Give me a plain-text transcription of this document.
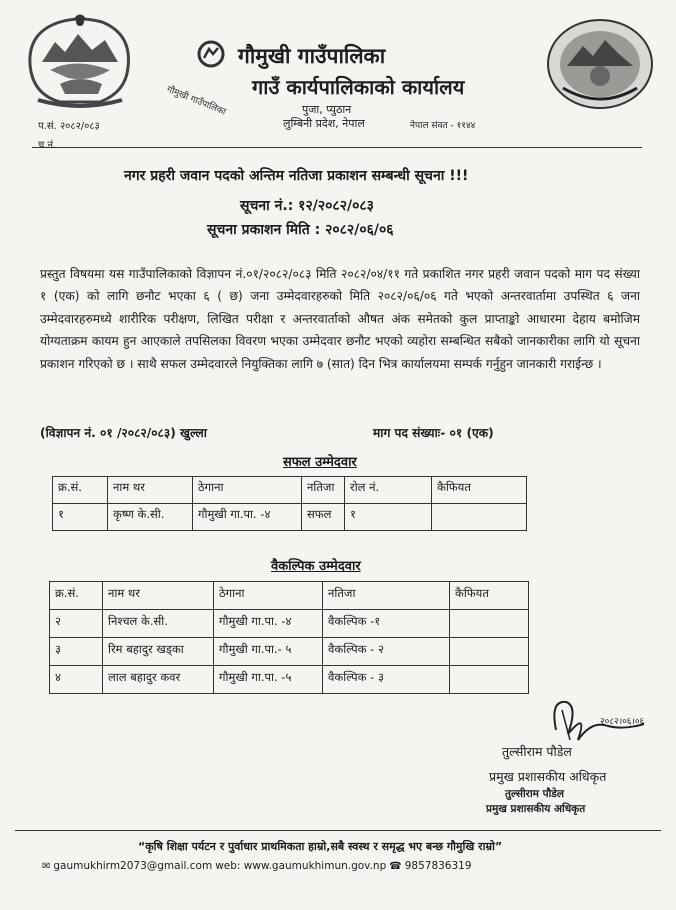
गौमुखी गाउँपालिका
गाउँ कार्यपालिकाको कार्यालय
गौमुखी गाउँपालिका	पुजा, प्युठान
लुम्बिनी प्रदेश, नेपाल	नेपाल संवत - ११४४
प.सं. २०८२/०८३
च.नं.
नगर प्रहरी जवान पदको अन्तिम नतिजा प्रकाशन सम्बन्धी सूचना !!!
सूचना नं.: १२/२०८२/०८३
सूचना प्रकाशन मिति : २०८२/०६/०६
प्रस्तुत विषयमा यस गाउँपालिकाको विज्ञापन नं.०१/२०८२/०८३ मिति २०८२/०४/११ गते प्रकाशित नगर प्रहरी जवान पदको माग पद संख्या १ (एक) को लागि छनौट भएका ६ ( छ) जना उम्मेदवारहरुको मिति २०८२/०६/०६ गते भएको अन्तरवार्तामा उपस्थित ६ जना उम्मेदवारहरुमध्ये शारीरिक परीक्षण, लिखित परीक्षा र अन्तरवार्ताको औषत अंक समेतको कुल प्राप्ताङ्को आधारमा देहाय बमोजिम योग्यताक्रम कायम हुन आएकाले तपसिलका विवरण भएका उम्मेदवार छनौट भएको व्यहोरा सम्बन्धित सबैको जानकारीका लागि यो सूचना प्रकाशन गरिएको छ । साथै सफल उम्मेदवारले नियुक्तिका लागि ७ (सात) दिन भित्र कार्यालयमा सम्पर्क गर्नुहुन जानकारी गराईन्छ ।
(विज्ञापन नं. ०१ /२०८२/०८३) खुल्ला	माग पद संख्याः- ०१ (एक)
सफल उम्मेदवार
क्र.सं.	नाम थर	ठेगाना	नतिजा	रोल नं.	कैफियत
१	कृष्ण के.सी.	गौमुखी गा.पा. -४	सफल	१	
वैकल्पिक उम्मेदवार
क्र.सं.	नाम थर	ठेगाना	नतिजा	कैफियत
२	निश्चल के.सी.	गौमुखी गा.पा. -४	वैकल्पिक -१	
३	रिम बहादुर खड्का	गौमुखी गा.पा.- ५	वैकल्पिक - २	
४	लाल बहादुर कवर	गौमुखी गा.पा. -५	वैकल्पिक - ३	
२०८२।०६।०६
तुल्सीराम पौडेल
प्रमुख प्रशासकीय अधिकृत
तुल्सीराम पौडेल
प्रमुख प्रशासकीय अधिकृत
“कृषि शिक्षा पर्यटन र पुर्वाधार प्राथमिकता हाम्रो,सबै स्वस्थ र समृद्ध भए बन्छ गौमुखि राम्रो”
✉ gaumukhirm2073@gmail.com web: www.gaumukhimun.gov.np ☎ 9857836319
